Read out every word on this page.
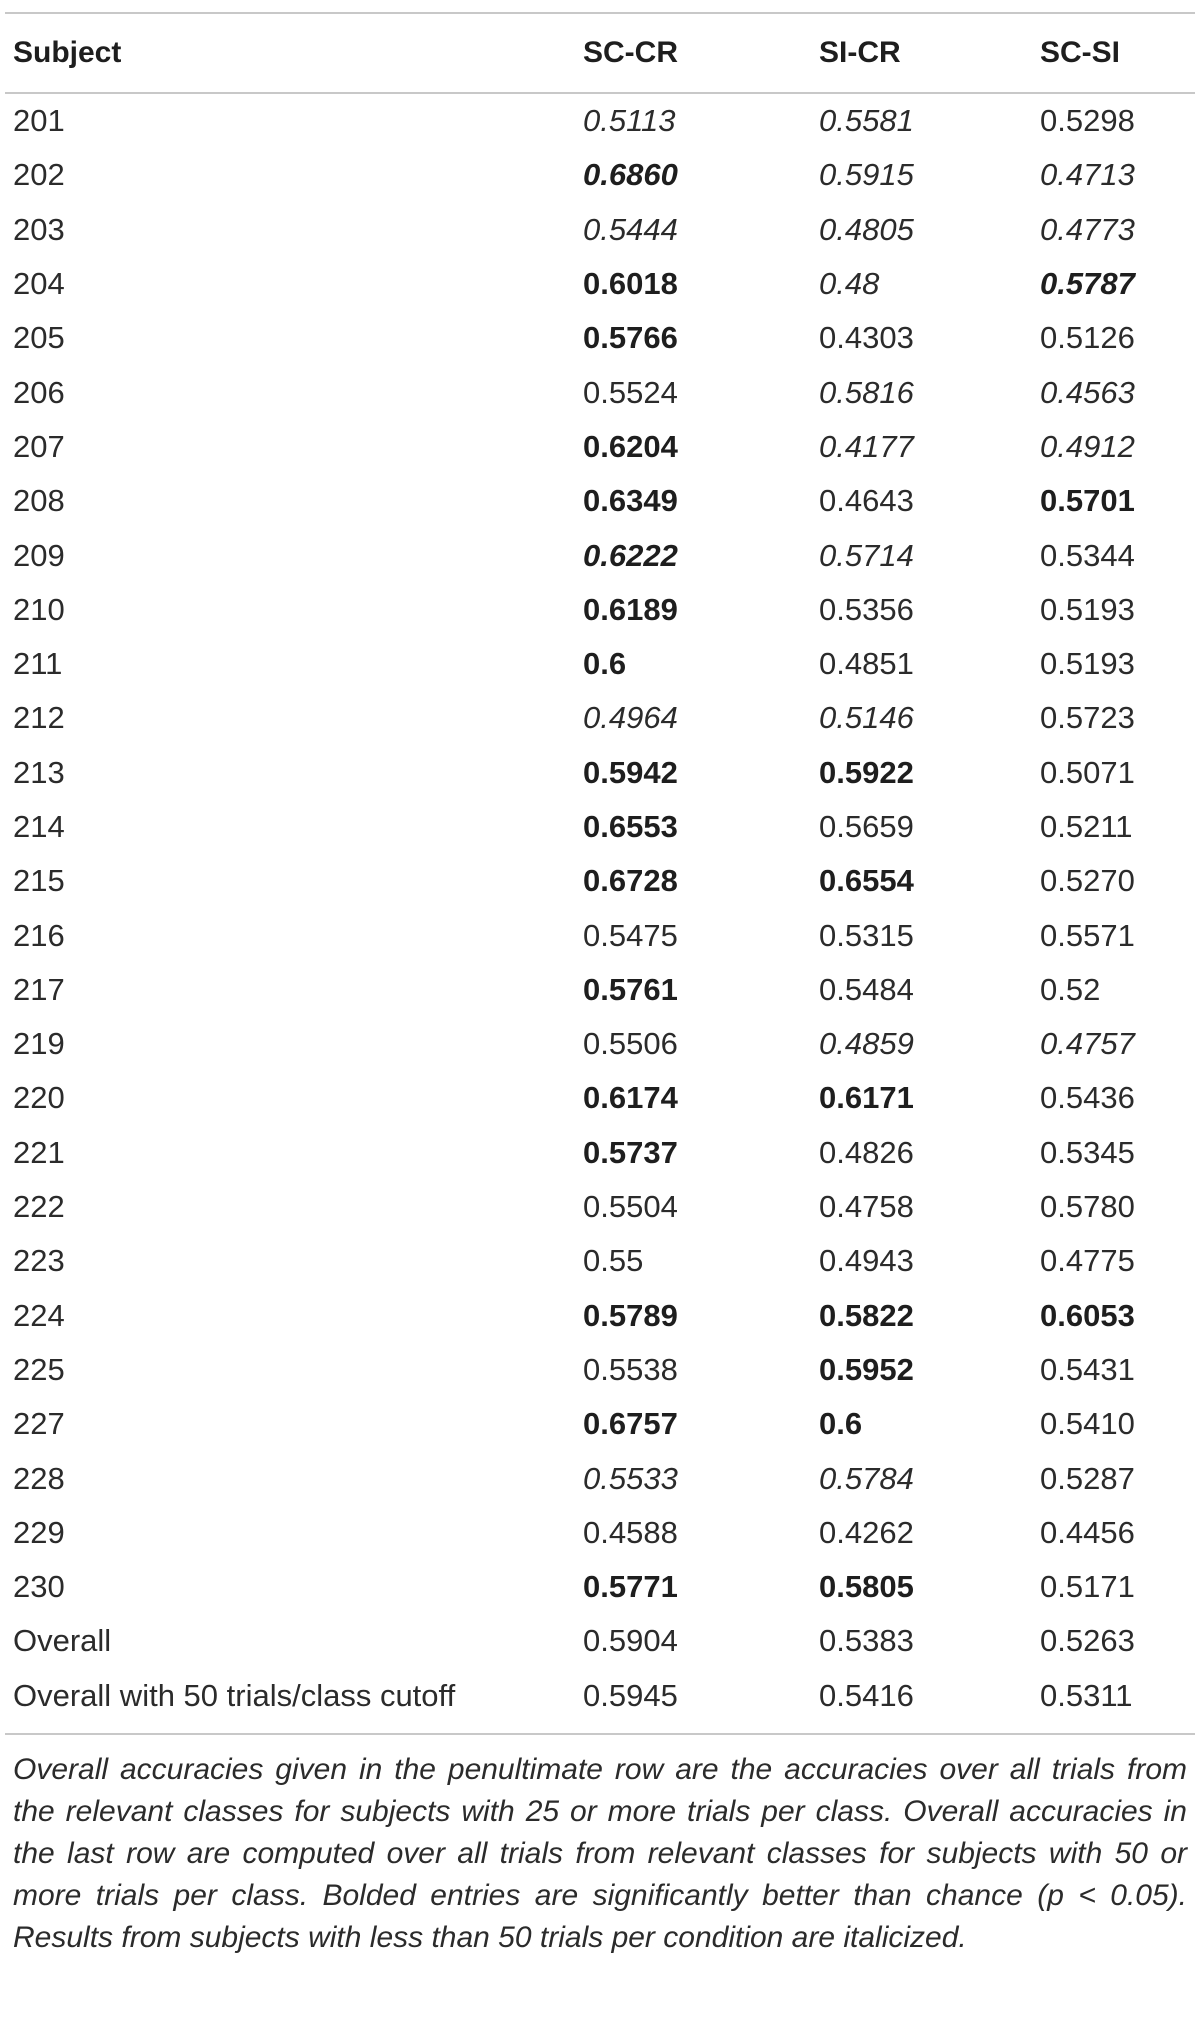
Subject	SC-CR	SI-CR	SC-SI
201	0.5113	0.5581	0.5298
202	0.6860	0.5915	0.4713
203	0.5444	0.4805	0.4773
204	0.6018	0.48	0.5787
205	0.5766	0.4303	0.5126
206	0.5524	0.5816	0.4563
207	0.6204	0.4177	0.4912
208	0.6349	0.4643	0.5701
209	0.6222	0.5714	0.5344
210	0.6189	0.5356	0.5193
211	0.6	0.4851	0.5193
212	0.4964	0.5146	0.5723
213	0.5942	0.5922	0.5071
214	0.6553	0.5659	0.5211
215	0.6728	0.6554	0.5270
216	0.5475	0.5315	0.5571
217	0.5761	0.5484	0.52
219	0.5506	0.4859	0.4757
220	0.6174	0.6171	0.5436
221	0.5737	0.4826	0.5345
222	0.5504	0.4758	0.5780
223	0.55	0.4943	0.4775
224	0.5789	0.5822	0.6053
225	0.5538	0.5952	0.5431
227	0.6757	0.6	0.5410
228	0.5533	0.5784	0.5287
229	0.4588	0.4262	0.4456
230	0.5771	0.5805	0.5171
Overall	0.5904	0.5383	0.5263
Overall with 50 trials/class cutoff	0.5945	0.5416	0.5311
Overall accuracies given in the penultimate row are the accuracies over all trials from the relevant classes for subjects with 25 or more trials per class. Overall accuracies in the last row are computed over all trials from relevant classes for subjects with 50 or more trials per class. Bolded entries are significantly better than chance (p < 0.05). Results from subjects with less than 50 trials per condition are italicized.
